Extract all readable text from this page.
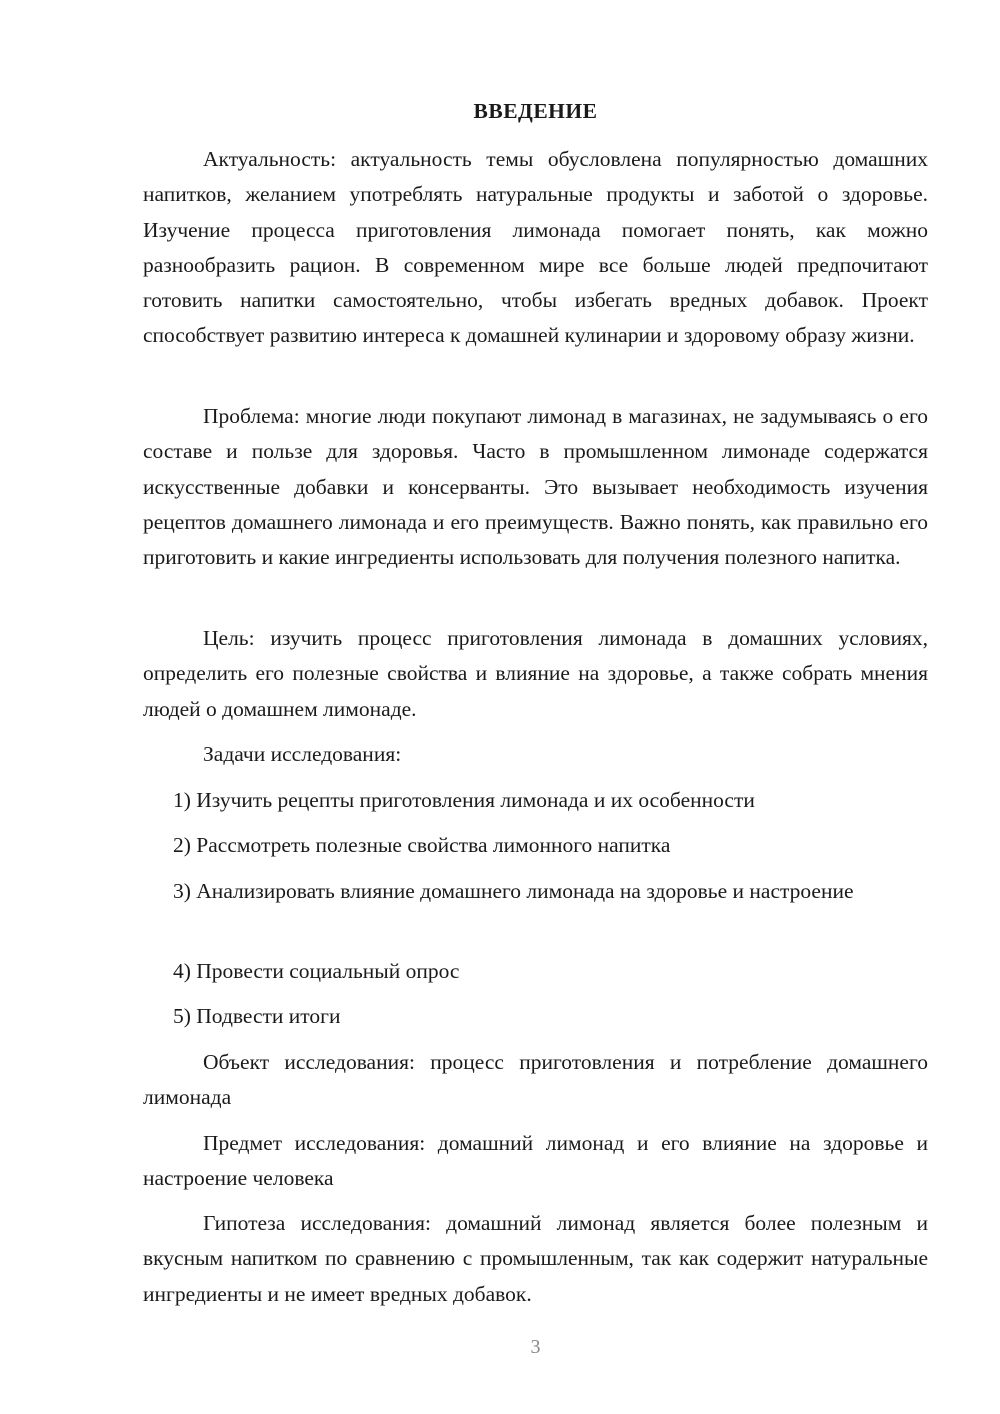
ВВЕДЕНИЕ

Актуальность: актуальность темы обусловлена популярностью домашних напитков, желанием употреблять натуральные продукты и заботой о здоровье. Изучение процесса приготовления лимонада помогает понять, как можно разнообразить рацион. В современном мире все больше людей предпочитают готовить напитки самостоятельно, чтобы избегать вредных добавок. Проект способствует развитию интереса к домашней кулинарии и здоровому образу жизни.

Проблема: многие люди покупают лимонад в магазинах, не задумываясь о его составе и пользе для здоровья. Часто в промышленном лимонаде содержатся искусственные добавки и консерванты. Это вызывает необходимость изучения рецептов домашнего лимонада и его преимуществ. Важно понять, как правильно его приготовить и какие ингредиенты использовать для получения полезного напитка.

Цель: изучить процесс приготовления лимонада в домашних условиях, определить его полезные свойства и влияние на здоровье, а также собрать мнения людей о домашнем лимонаде.

Задачи исследования:

1) Изучить рецепты приготовления лимонада и их особенности

2) Рассмотреть полезные свойства лимонного напитка

3) Анализировать влияние домашнего лимонада на здоровье и настроение

4) Провести социальный опрос

5) Подвести итоги

Объект исследования: процесс приготовления и потребление домашнего лимонада

Предмет исследования: домашний лимонад и его влияние на здоровье и настроение человека

Гипотеза исследования: домашний лимонад является более полезным и вкусным напитком по сравнению с промышленным, так как содержит натуральные ингредиенты и не имеет вредных добавок.

3
